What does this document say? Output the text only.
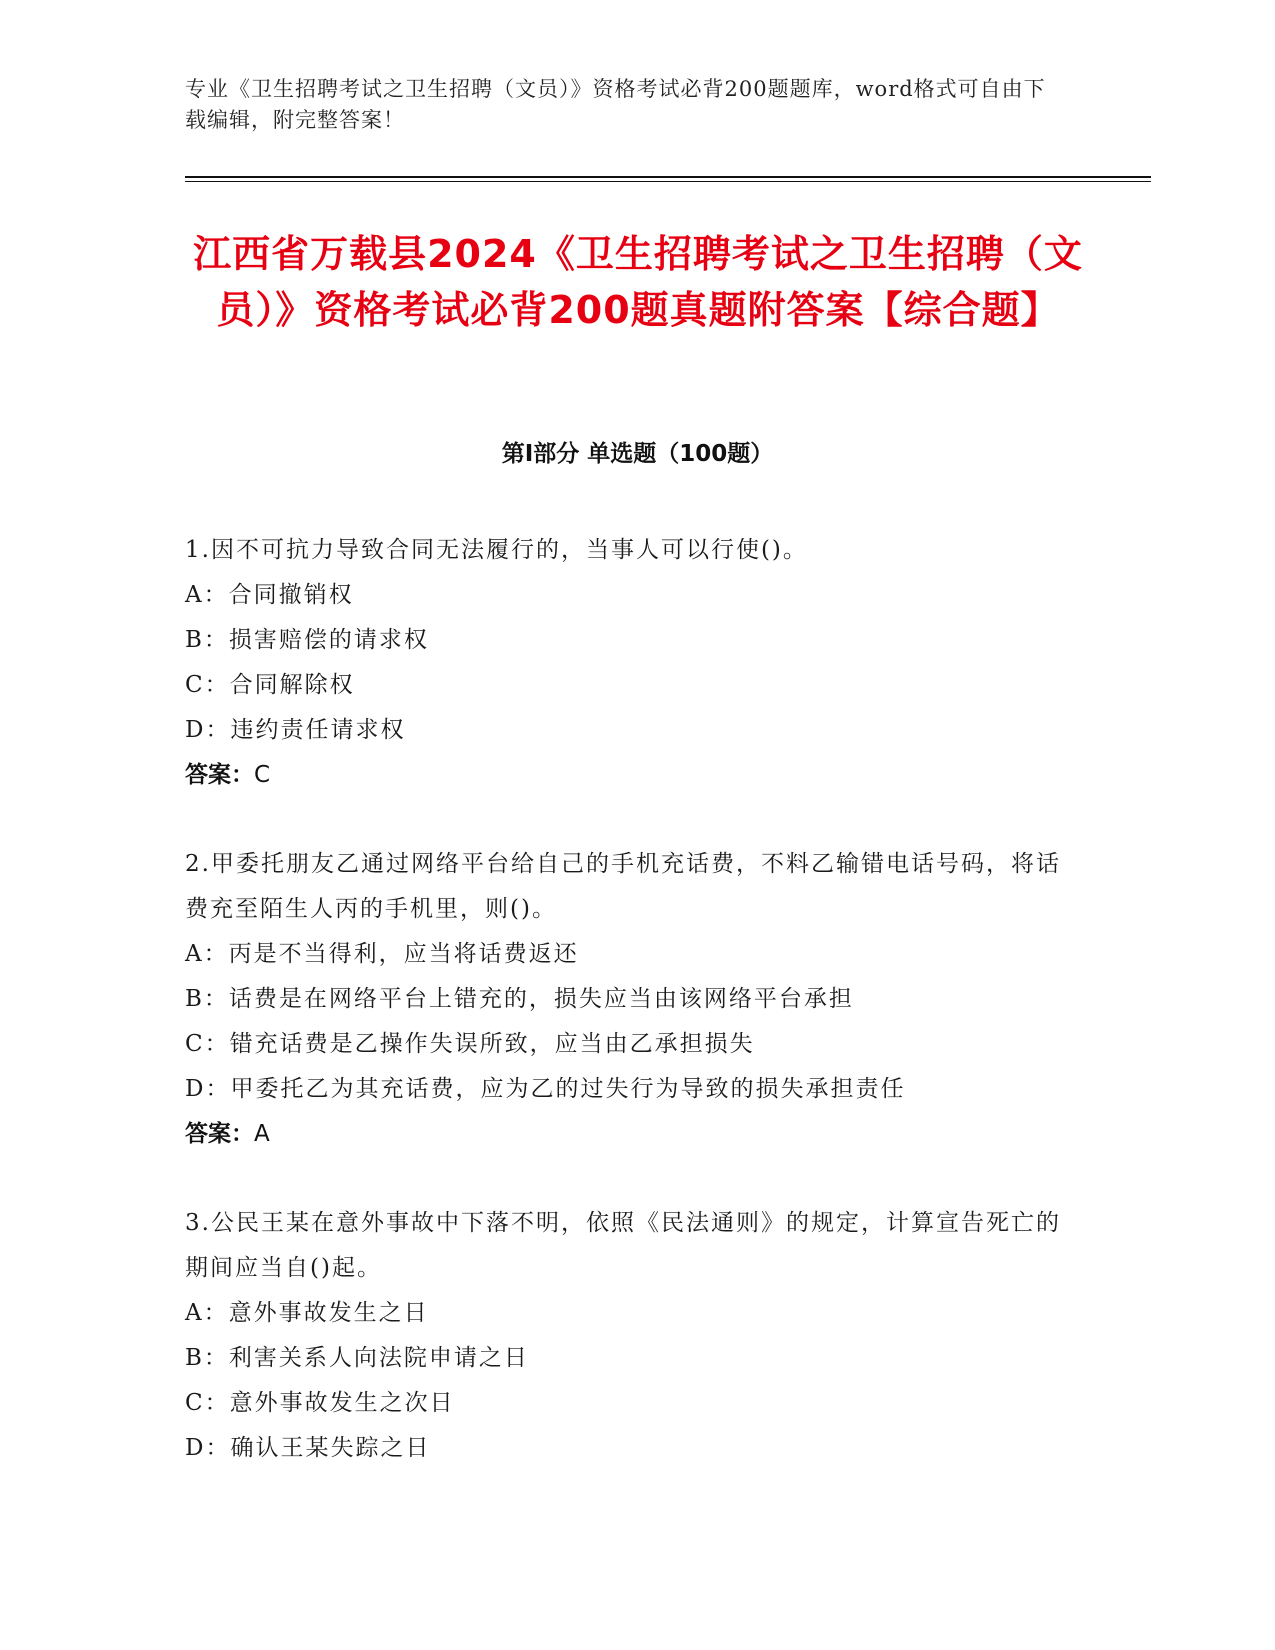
专业《卫生招聘考试之卫生招聘（文员）》资格考试必背200题题库，word格式可自由下载编辑，附完整答案！
江西省万载县2024《卫生招聘考试之卫生招聘（文员）》资格考试必背200题真题附答案【综合题】
第Ⅰ部分 单选题（100题）
1.因不可抗力导致合同无法履行的，当事人可以行使()。
A：合同撤销权
B：损害赔偿的请求权
C：合同解除权
D：违约责任请求权
答案：C
2.甲委托朋友乙通过网络平台给自己的手机充话费，不料乙输错电话号码，将话费充至陌生人丙的手机里，则()。
A：丙是不当得利，应当将话费返还
B：话费是在网络平台上错充的，损失应当由该网络平台承担
C：错充话费是乙操作失误所致，应当由乙承担损失
D：甲委托乙为其充话费，应为乙的过失行为导致的损失承担责任
答案：A
3.公民王某在意外事故中下落不明，依照《民法通则》的规定，计算宣告死亡的期间应当自()起。
A：意外事故发生之日
B：利害关系人向法院申请之日
C：意外事故发生之次日
D：确认王某失踪之日
